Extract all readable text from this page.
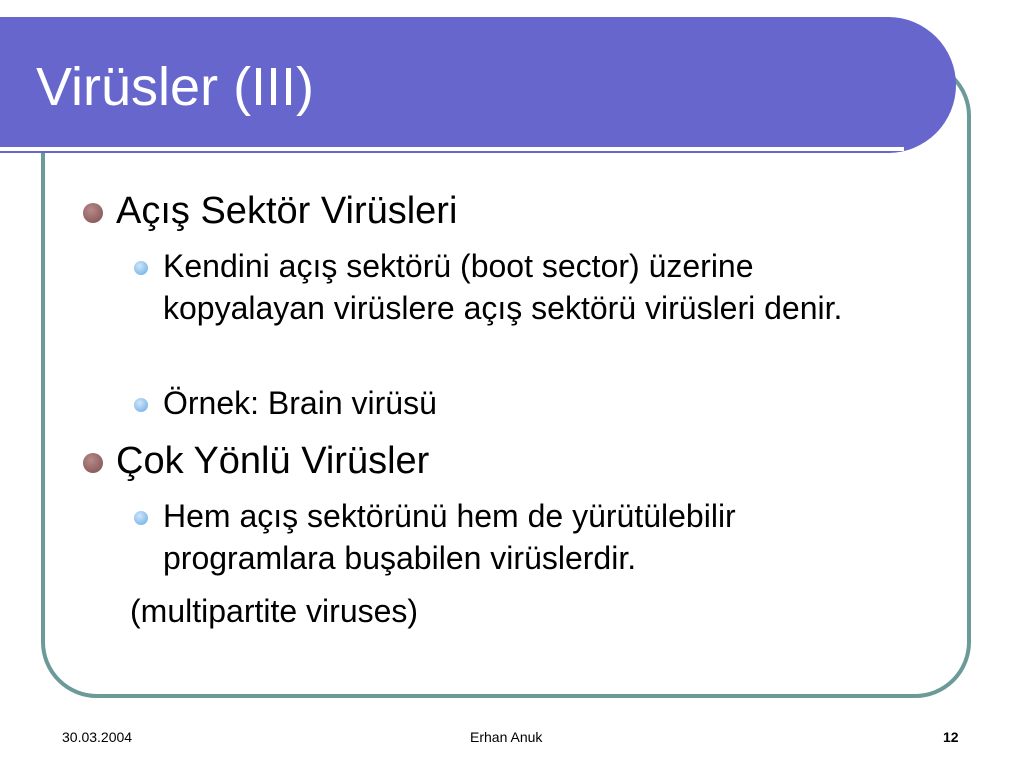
Virüsler (III)
Açış Sektör Virüsleri
Kendini açış sektörü (boot sector) üzerine kopyalayan virüslere açış sektörü virüsleri denir.
Örnek: Brain virüsü
Çok Yönlü Virüsler
Hem açış sektörünü hem de yürütülebilir programlara buşabilen virüslerdir.
(multipartite viruses)
30.03.2004	Erhan Anuk	12
